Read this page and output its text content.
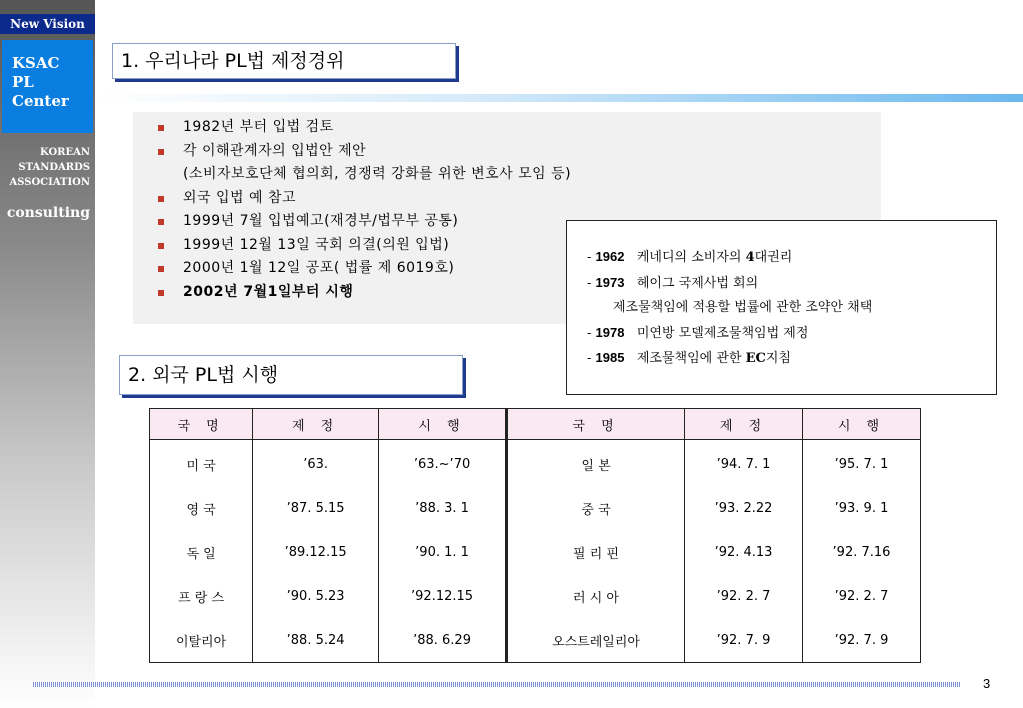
New Vision
KSAC
PL
Center
KOREAN
STANDARDS
ASSOCIATION
consulting
1. 우리나라 PL법 제정경위
1982년 부터 입법 검토
각 이해관계자의 입법안 제안
(소비자보호단체 협의회, 경쟁력 강화를 위한 변호사 모임 등)
외국 입법 예 참고
1999년 7월 입법예고(재경부/법무부 공통)
1999년 12월 13일 국회 의결(의원 입법)
2000년 1월 12일 공포( 법률 제 6019호)
2002년 7월1일부터 시행
- 1962 케네디의 소비자의 4대권리
- 1973 헤이그 국제사법 회의
제조물책임에 적용할 법률에 관한 조약안 채택
- 1978 미연방 모델제조물책임법 제정
- 1985 제조물책임에 관한 EC지침
2. 외국 PL법 시행
국 명	제 정	시 행	국 명	제 정	시 행
미 국	’63.	’63.~’70	일 본	’94. 7. 1	’95. 7. 1
영 국	’87. 5.15	’88. 3. 1	중 국	’93. 2.22	’93. 9. 1
독 일	’89.12.15	’90. 1. 1	필 리 핀	’92. 4.13	’92. 7.16
프 랑 스	’90. 5.23	’92.12.15	러 시 아	’92. 2. 7	’92. 2. 7
이탈리아	’88. 5.24	’88. 6.29	오스트레일리아	’92. 7. 9	’92. 7. 9
3
